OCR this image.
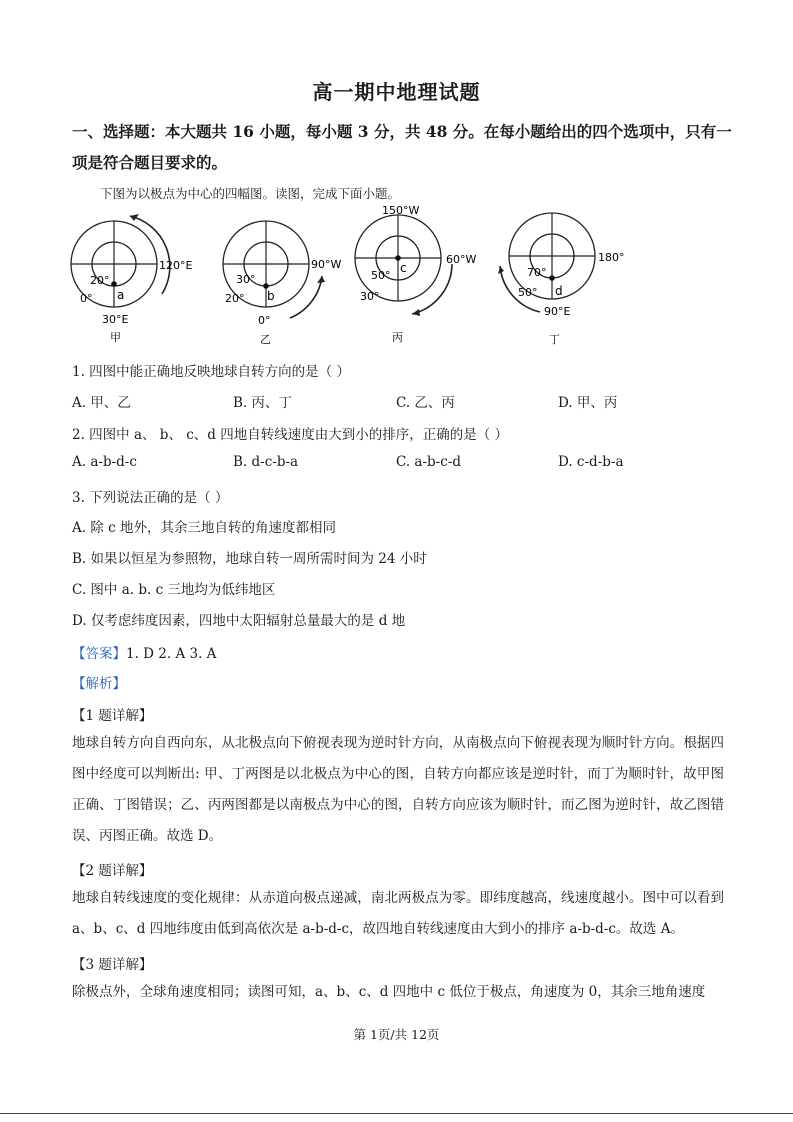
高一期中地理试题
一、选择题：本大题共 16 小题，每小题 3 分，共 48 分。在每小题给出的四个选项中，只有一项是符合题目要求的。
下图为以极点为中心的四幅图。读图，完成下面小题。
120°E
20°
0° a
30°E
甲
90°W
30°
20° b
0°
乙
150°W
60°W
50°
c
30°
丙
180°
70°
50° d
90°E
丁
1. 四图中能正确地反映地球自转方向的是（ ）
A. 甲、乙	B. 丙、丁	C. 乙、丙	D. 甲、丙
2. 四图中 a、 b、 c、d 四地自转线速度由大到小的排序，正确的是（ ）
A. a-b-d-c	B. d-c-b-a	C. a-b-c-d	D. c-d-b-a
3. 下列说法正确的是（ ）
A. 除 c 地外，其余三地自转的角速度都相同
B. 如果以恒星为参照物，地球自转一周所需时间为 24 小时
C. 图中 a. b. c 三地均为低纬地区
D. 仅考虑纬度因素，四地中太阳辐射总量最大的是 d 地
【答案】1. D 2. A 3. A
【解析】
【1 题详解】
地球自转方向自西向东，从北极点向下俯视表现为逆时针方向，从南极点向下俯视表现为顺时针方向。根据四图中经度可以判断出: 甲、丁两图是以北极点为中心的图，自转方向都应该是逆时针，而丁为顺时针，故甲图正确、丁图错误；乙、丙两图都是以南极点为中心的图，自转方向应该为顺时针，而乙图为逆时针，故乙图错误、丙图正确。故选 D。
【2 题详解】
地球自转线速度的变化规律：从赤道向极点递减，南北两极点为零。即纬度越高，线速度越小。图中可以看到 a、b、c、d 四地纬度由低到高依次是 a-b-d-c，故四地自转线速度由大到小的排序 a-b-d-c。故选 A。
【3 题详解】
除极点外，全球角速度相同；读图可知，a、b、c、d 四地中 c 低位于极点，角速度为 0，其余三地角速度
第 1页/共 12页
